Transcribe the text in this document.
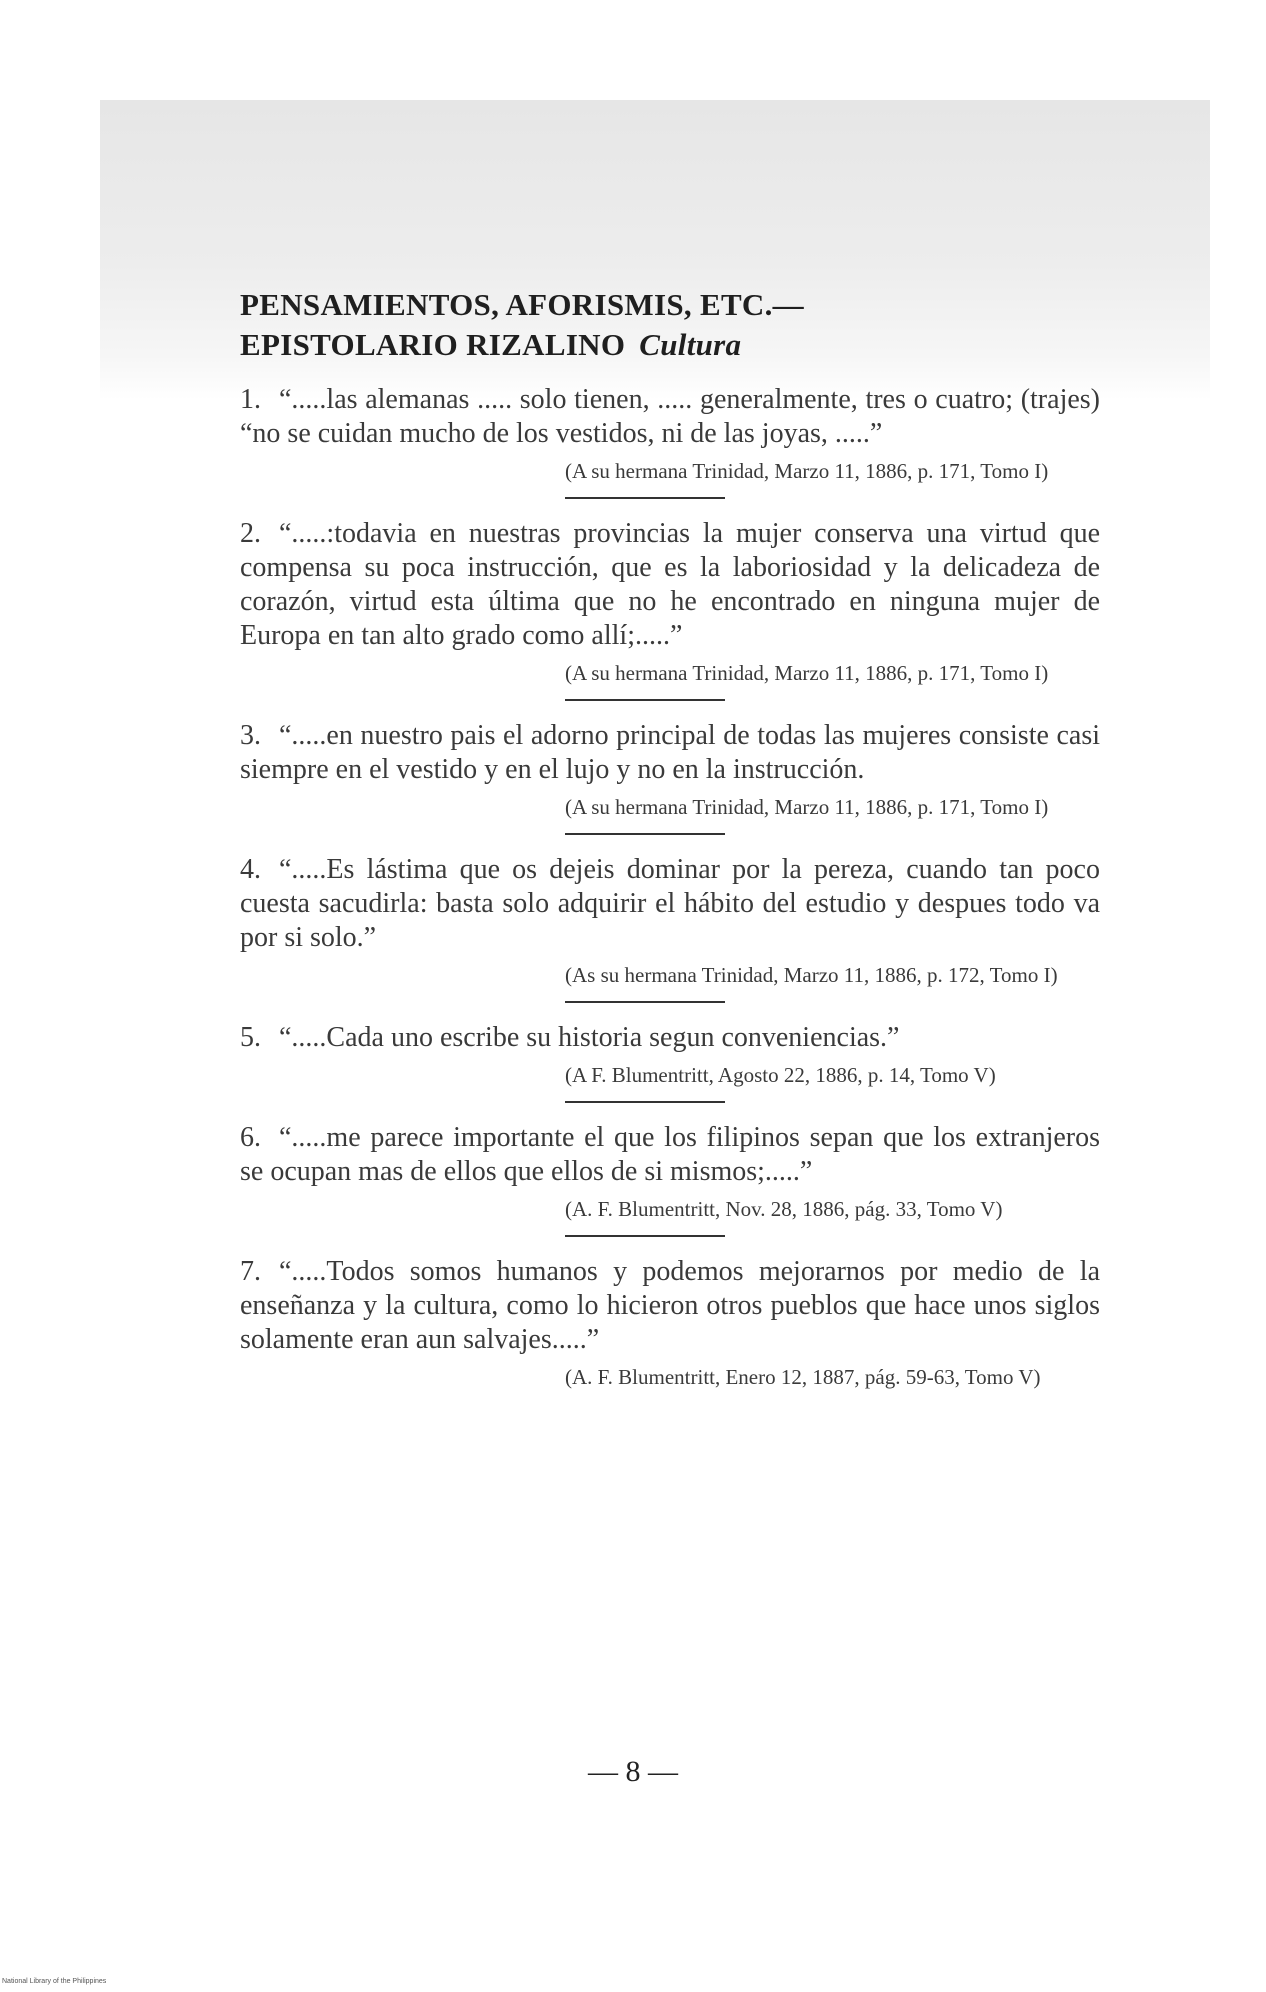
PENSAMIENTOS, AFORISMIS, ETC.—
EPISTOLARIO RIZALINO Cultura
1. “.....las alemanas ..... solo tienen, ..... generalmente, tres o cuatro; (trajes) “no se cuidan mucho de los vestidos, ni de las joyas, .....”
(A su hermana Trinidad, Marzo 11, 1886, p. 171, Tomo I)
2. “.....:todavia en nuestras provincias la mujer conserva una virtud que compensa su poca instrucción, que es la laboriosidad y la delicadeza de corazón, virtud esta última que no he encontrado en ninguna mujer de Europa en tan alto grado como allí;.....”
(A su hermana Trinidad, Marzo 11, 1886, p. 171, Tomo I)
3. “.....en nuestro pais el adorno principal de todas las mujeres consiste casi siempre en el vestido y en el lujo y no en la instrucción.
(A su hermana Trinidad, Marzo 11, 1886, p. 171, Tomo I)
4. “.....Es lástima que os dejeis dominar por la pereza, cuando tan poco cuesta sacudirla: basta solo adquirir el hábito del estudio y despues todo va por si solo.”
(As su hermana Trinidad, Marzo 11, 1886, p. 172, Tomo I)
5. “.....Cada uno escribe su historia segun conveniencias.”
(A F. Blumentritt, Agosto 22, 1886, p. 14, Tomo V)
6. “.....me parece importante el que los filipinos sepan que los extranjeros se ocupan mas de ellos que ellos de si mismos;.....”
(A. F. Blumentritt, Nov. 28, 1886, pág. 33, Tomo V)
7. “.....Todos somos humanos y podemos mejorarnos por medio de la enseñanza y la cultura, como lo hicieron otros pueblos que hace unos siglos solamente eran aun salvajes.....”
(A. F. Blumentritt, Enero 12, 1887, pág. 59-63, Tomo V)
— 8 —
National Library of the Philippines
